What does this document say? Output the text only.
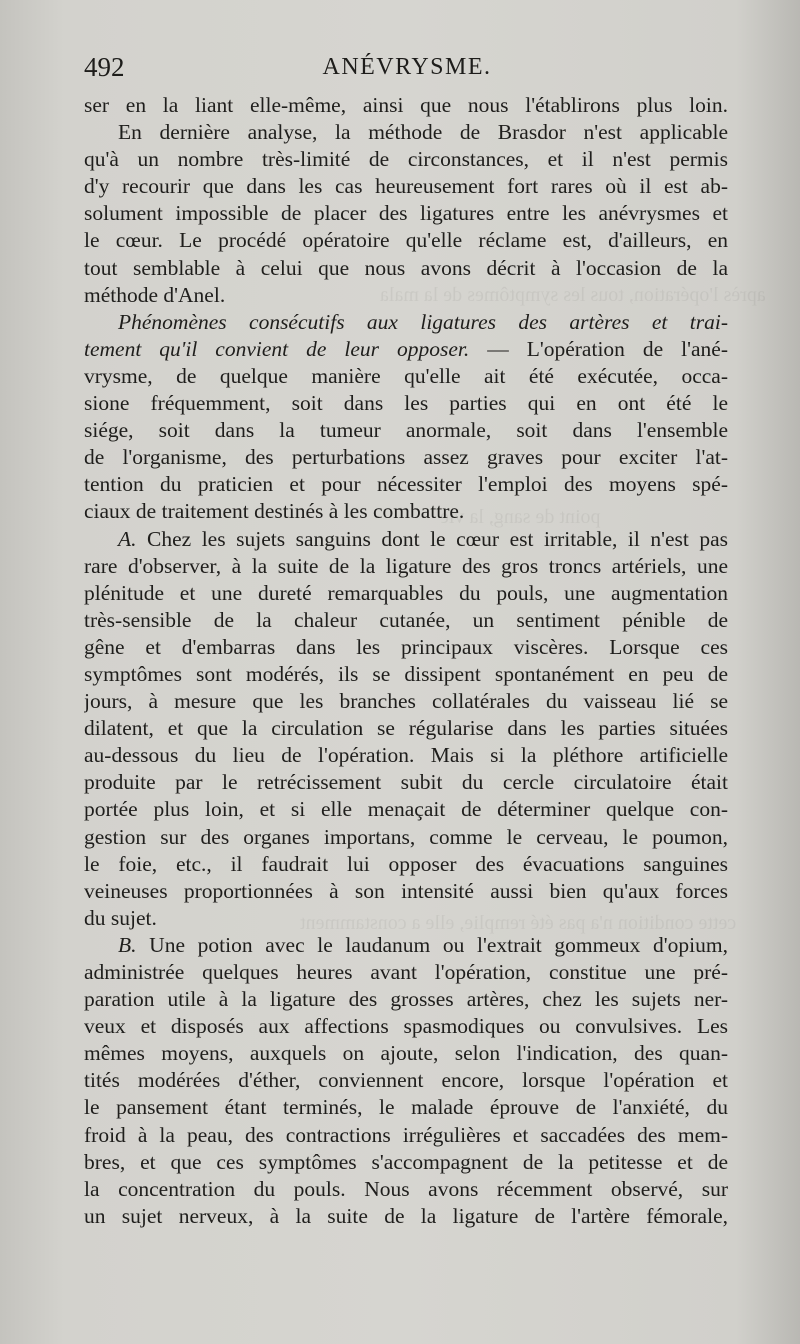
après l'opération, tous les symptômes de la mala
point de sang, la vie
cette condition n'a pas été remplie, elle a constamment
492	ANÉVRYSME.
ser en la liant elle-même, ainsi que nous l'établirons plus loin.
En dernière analyse, la méthode de Brasdor n'est applicable
qu'à un nombre très-limité de circonstances, et il n'est permis
d'y recourir que dans les cas heureusement fort rares où il est ab-
solument impossible de placer des ligatures entre les anévrysmes et
le cœur. Le procédé opératoire qu'elle réclame est, d'ailleurs, en
tout semblable à celui que nous avons décrit à l'occasion de la
méthode d'Anel.
Phénomènes consécutifs aux ligatures des artères et trai-
tement qu'il convient de leur opposer. — L'opération de l'ané-
vrysme, de quelque manière qu'elle ait été exécutée, occa-
sione fréquemment, soit dans les parties qui en ont été le
siége, soit dans la tumeur anormale, soit dans l'ensemble
de l'organisme, des perturbations assez graves pour exciter l'at-
tention du praticien et pour nécessiter l'emploi des moyens spé-
ciaux de traitement destinés à les combattre.
A. Chez les sujets sanguins dont le cœur est irritable, il n'est pas
rare d'observer, à la suite de la ligature des gros troncs artériels, une
plénitude et une dureté remarquables du pouls, une augmentation
très-sensible de la chaleur cutanée, un sentiment pénible de
gêne et d'embarras dans les principaux viscères. Lorsque ces
symptômes sont modérés, ils se dissipent spontanément en peu de
jours, à mesure que les branches collatérales du vaisseau lié se
dilatent, et que la circulation se régularise dans les parties situées
au-dessous du lieu de l'opération. Mais si la pléthore artificielle
produite par le retrécissement subit du cercle circulatoire était
portée plus loin, et si elle menaçait de déterminer quelque con-
gestion sur des organes importans, comme le cerveau, le poumon,
le foie, etc., il faudrait lui opposer des évacuations sanguines
veineuses proportionnées à son intensité aussi bien qu'aux forces
du sujet.
B. Une potion avec le laudanum ou l'extrait gommeux d'opium,
administrée quelques heures avant l'opération, constitue une pré-
paration utile à la ligature des grosses artères, chez les sujets ner-
veux et disposés aux affections spasmodiques ou convulsives. Les
mêmes moyens, auxquels on ajoute, selon l'indication, des quan-
tités modérées d'éther, conviennent encore, lorsque l'opération et
le pansement étant terminés, le malade éprouve de l'anxiété, du
froid à la peau, des contractions irrégulières et saccadées des mem-
bres, et que ces symptômes s'accompagnent de la petitesse et de
la concentration du pouls. Nous avons récemment observé, sur
un sujet nerveux, à la suite de la ligature de l'artère fémorale,
